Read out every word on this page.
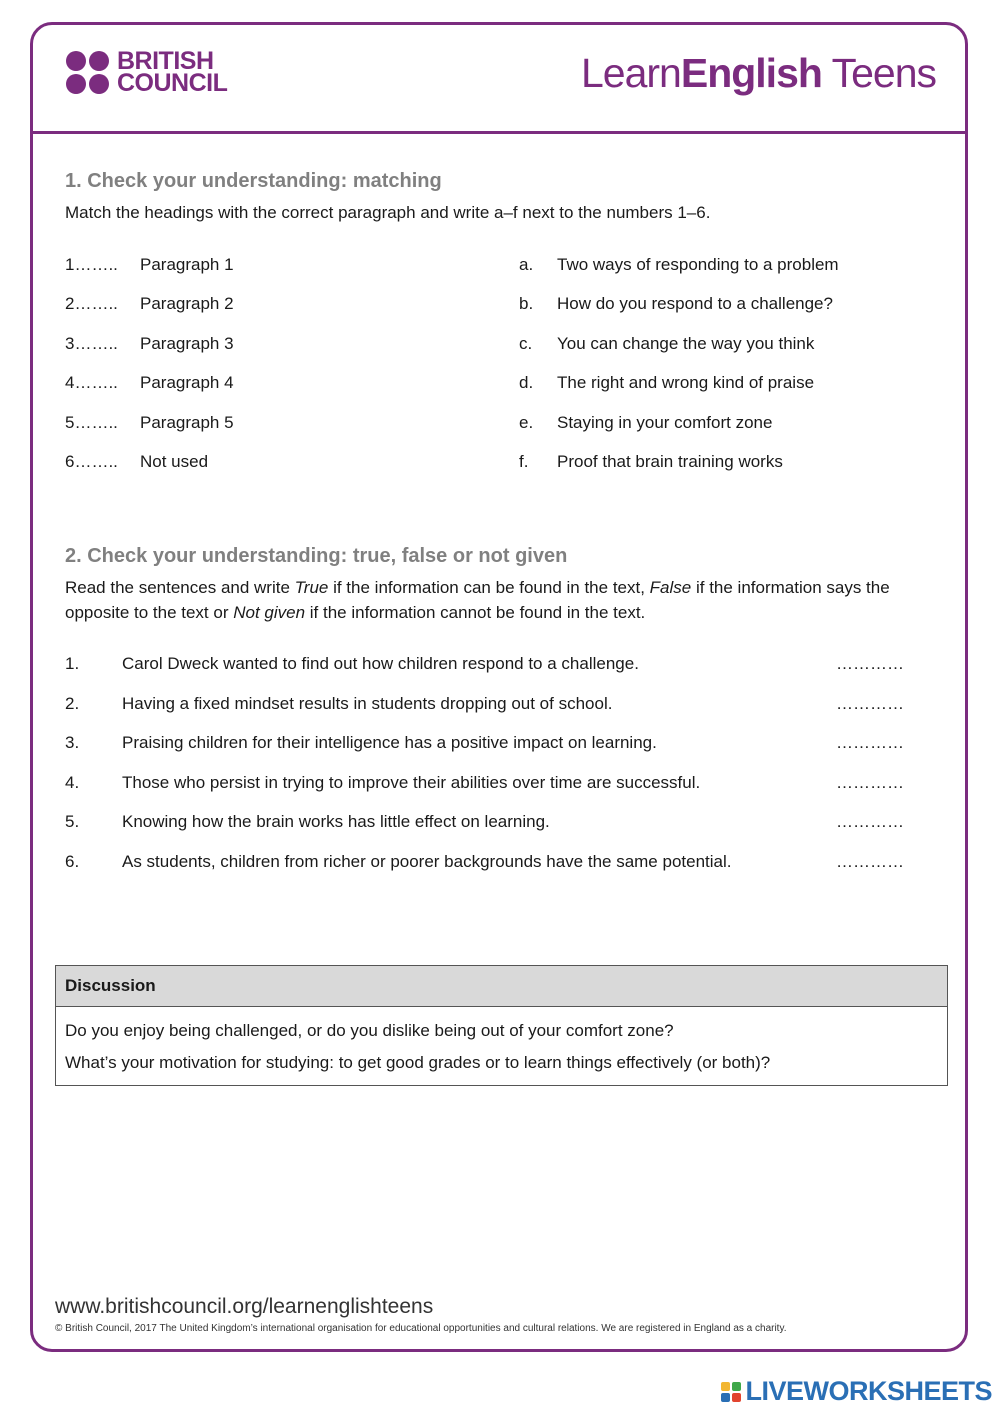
BRITISH
COUNCIL	LearnEnglish Teens
1. Check your understanding: matching
Match the headings with the correct paragraph and write a–f next to the numbers 1–6.
1…….. Paragraph 1
2…….. Paragraph 2
3…….. Paragraph 3
4…….. Paragraph 4
5…….. Paragraph 5
6…….. Not used
a. Two ways of responding to a problem
b. How do you respond to a challenge?
c. You can change the way you think
d. The right and wrong kind of praise
e. Staying in your comfort zone
f. Proof that brain training works
2. Check your understanding: true, false or not given
Read the sentences and write True if the information can be found in the text, False if the information says the opposite to the text or Not given if the information cannot be found in the text.
1.	Carol Dweck wanted to find out how children respond to a challenge.	…………
2.	Having a fixed mindset results in students dropping out of school.	…………
3.	Praising children for their intelligence has a positive impact on learning.	…………
4.	Those who persist in trying to improve their abilities over time are successful.	…………
5.	Knowing how the brain works has little effect on learning.	…………
6.	As students, children from richer or poorer backgrounds have the same potential.	…………
Discussion
Do you enjoy being challenged, or do you dislike being out of your comfort zone?
What’s your motivation for studying: to get good grades or to learn things effectively (or both)?
www.britishcouncil.org/learnenglishteens
© British Council, 2017 The United Kingdom’s international organisation for educational opportunities and cultural relations. We are registered in England as a charity.
LIVEWORKSHEETS
